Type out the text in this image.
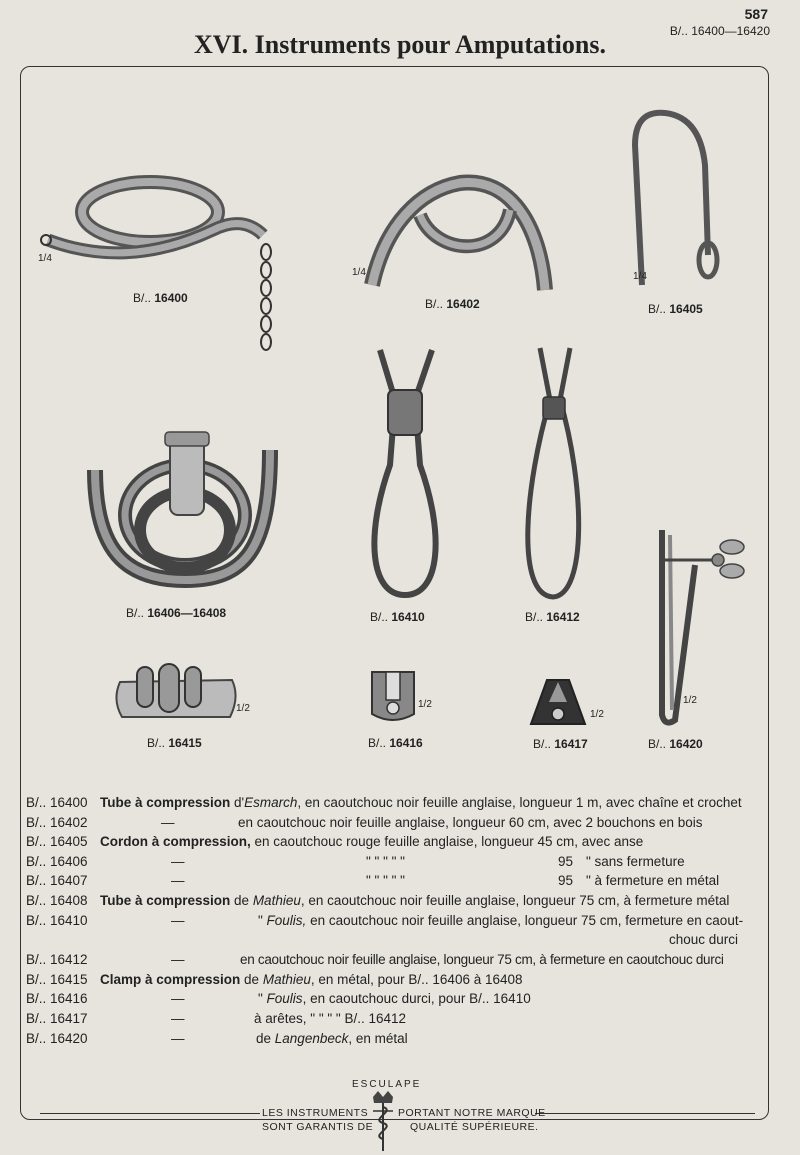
587
B/.. 16400—16420
XVI. Instruments pour Amputations.
1/4
B/.. 16400
1/4
B/.. 16402
1/4
B/.. 16405
B/.. 16406—16408	B/.. 16410	B/.. 16412
1/2
B/.. 16420
1/2
B/.. 16415
1/2
B/.. 16416
1/2
B/.. 16417
B/.. 16400 Tube à compression d'Esmarch, en caoutchouc noir feuille anglaise, longueur 1 m, avec chaîne et crochet
B/.. 16402	—	en caoutchouc noir feuille anglaise, longueur 60 cm, avec 2 bouchons en bois
B/.. 16405 Cordon à compression, en caoutchouc rouge feuille anglaise, longueur 45 cm, avec anse
B/.. 16406	—	" " " " "	95 " sans fermeture
B/.. 16407	—	" " " " "	95 " à fermeture en métal
B/.. 16408 Tube à compression de Mathieu, en caoutchouc noir feuille anglaise, longueur 75 cm, à fermeture métal
B/.. 16410	—	" Foulis, en caoutchouc noir feuille anglaise, longueur 75 cm, fermeture en caout-
chouc durci
B/.. 16412	—	en caoutchouc noir feuille anglaise, longueur 75 cm, à fermeture en caoutchouc durci
B/.. 16415 Clamp à compression de Mathieu, en métal, pour B/.. 16406 à 16408
B/.. 16416	—	" Foulis, en caoutchouc durci, pour B/.. 16410
B/.. 16417	—	à arêtes, " " " " B/.. 16412
B/.. 16420	—	de Langenbeck, en métal
LES INSTRUMENTS
SONT GARANTIS DE
PORTANT NOTRE MARQUE
QUALITÉ SUPÉRIEURE.
ESCULAPE
